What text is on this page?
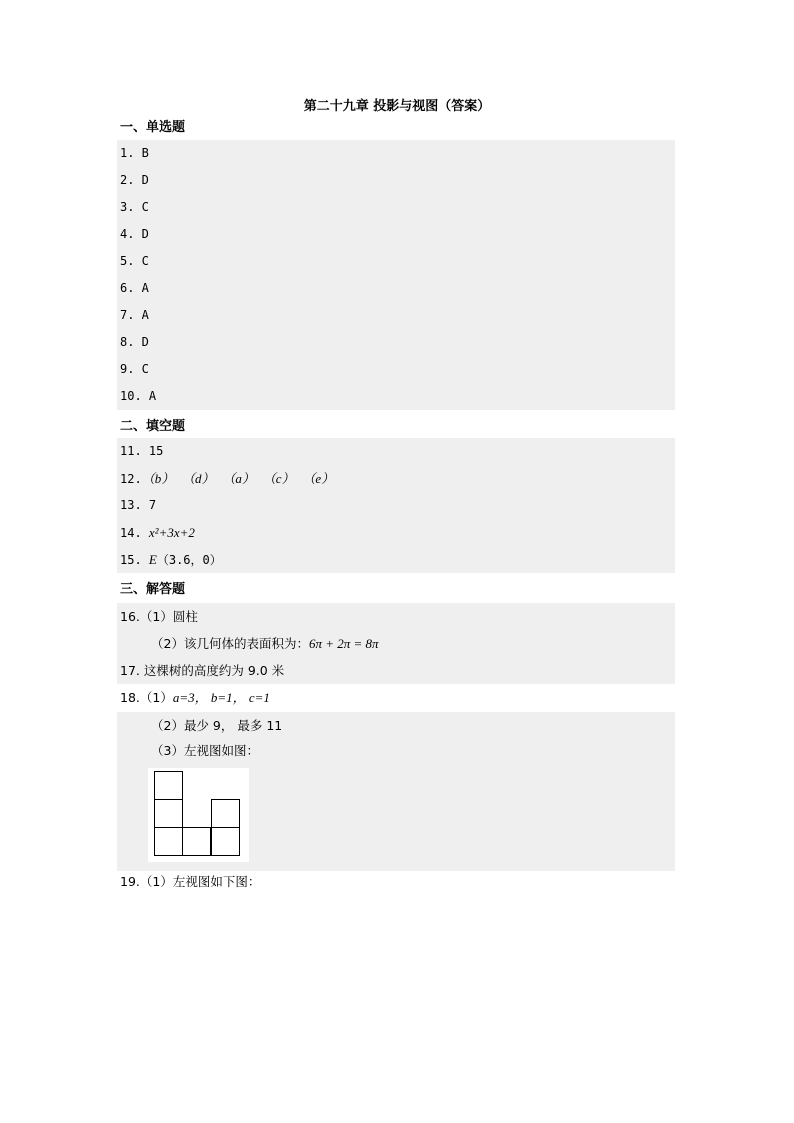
第二十九章 投影与视图（答案）
一、单选题
1. B
2. D
3. C
4. D
5. C
6. A
7. A
8. D
9. C
10. A
二、填空题
11. 15
12.（b） （d） （a） （c） （e）
13. 7
14. x²+3x+2
15. E（3.6，0）
三、解答题
16.（1）圆柱
（2）该几何体的表面积为：6π + 2π = 8π
17. 这棵树的高度约为 9.0 米
18.（1）a=3， b=1， c=1
（2）最少 9， 最多 11
（3）左视图如图：
19.（1）左视图如下图：
